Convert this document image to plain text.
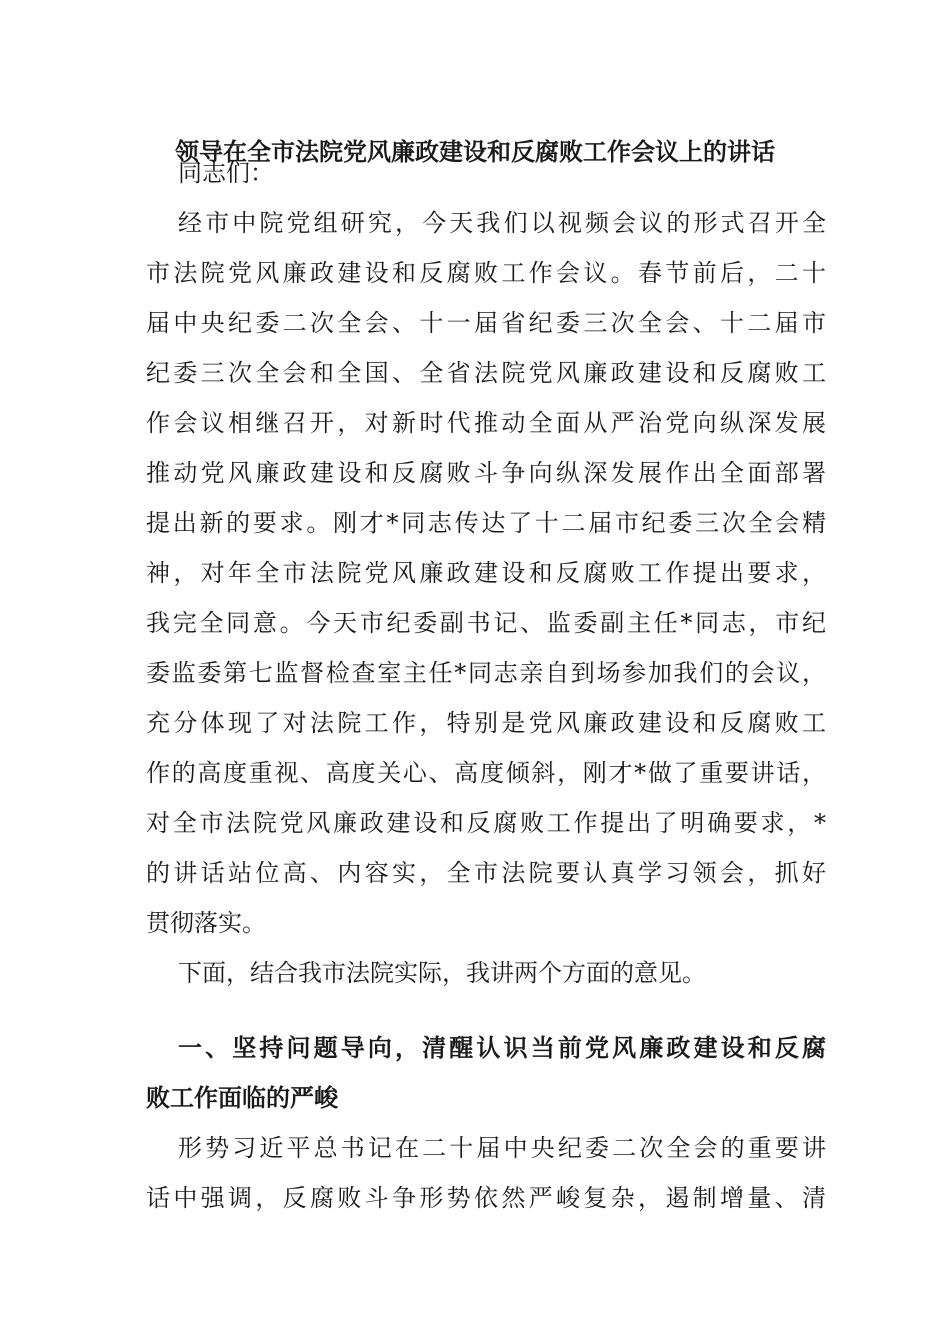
领导在全市法院党风廉政建设和反腐败工作会议上的讲话
同志们：
经市中院党组研究，今天我们以视频会议的形式召开全
市法院党风廉政建设和反腐败工作会议。春节前后，二十
届中央纪委二次全会、十一届省纪委三次全会、十二届市
纪委三次全会和全国、全省法院党风廉政建设和反腐败工
作会议相继召开，对新时代推动全面从严治党向纵深发展
推动党风廉政建设和反腐败斗争向纵深发展作出全面部署
提出新的要求。刚才*同志传达了十二届市纪委三次全会精
神，对年全市法院党风廉政建设和反腐败工作提出要求，
我完全同意。今天市纪委副书记、监委副主任*同志，市纪
委监委第七监督检查室主任*同志亲自到场参加我们的会议，
充分体现了对法院工作，特别是党风廉政建设和反腐败工
作的高度重视、高度关心、高度倾斜，刚才*做了重要讲话，
对全市法院党风廉政建设和反腐败工作提出了明确要求，*
的讲话站位高、内容实，全市法院要认真学习领会，抓好
贯彻落实。
下面，结合我市法院实际，我讲两个方面的意见。
一、坚持问题导向，清醒认识当前党风廉政建设和反腐
败工作面临的严峻
形势习近平总书记在二十届中央纪委二次全会的重要讲
话中强调，反腐败斗争形势依然严峻复杂，遏制增量、清
